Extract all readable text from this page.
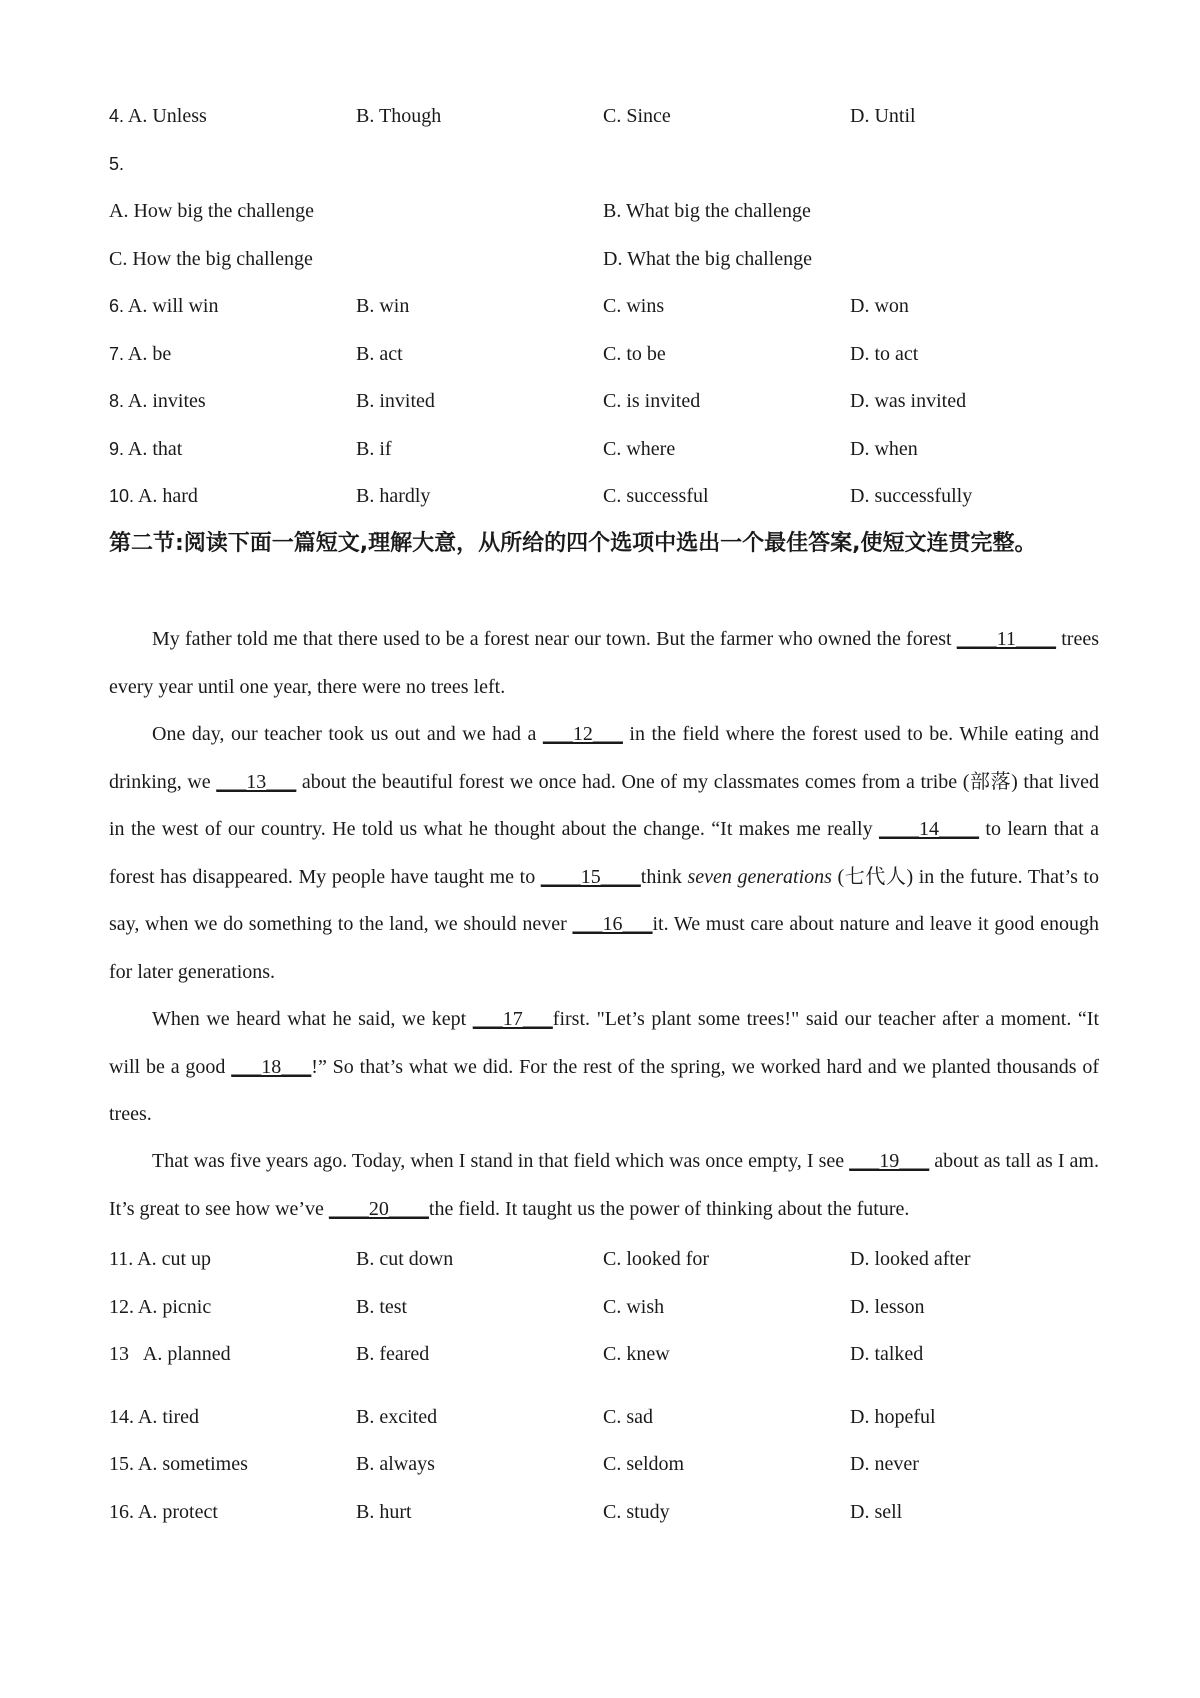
4. A. Unless	B. Though	C. Since	D. Until
5.
A. How big the challenge	B. What big the challenge
C. How the big challenge	D. What the big challenge
6. A. will win	B. win	C. wins	D. won
7. A. be	B. act	C. to be	D. to act
8. A. invites	B. invited	C. is invited	D. was invited
9. A. that	B. if	C. where	D. when
10. A. hard	B. hardly	C. successful	D. successfully
第二节:阅读下面一篇短文,理解大意，从所给的四个选项中选出一个最佳答案,使短文连贯完整。

My father told me that there used to be a forest near our town. But the farmer who owned the forest ____11____ trees every year until one year, there were no trees left.

One day, our teacher took us out and we had a ___12___ in the field where the forest used to be. While eating and drinking, we ___13___ about the beautiful forest we once had. One of my classmates comes from a tribe (部落) that lived in the west of our country. He told us what he thought about the change. “It makes me really ____14____ to learn that a forest has disappeared. My people have taught me to ____15____think seven generations (七代人) in the future. That’s to say, when we do something to the land, we should never ___16___it. We must care about nature and leave it good enough for later generations.

When we heard what he said, we kept ___17___first. "Let’s plant some trees!" said our teacher after a moment. “It will be a good ___18___!” So that’s what we did. For the rest of the spring, we worked hard and we planted thousands of trees.

That was five years ago. Today, when I stand in that field which was once empty, I see ___19___ about as tall as I am. It’s great to see how we’ve ____20____the field. It taught us the power of thinking about the future.

11. A. cut up	B. cut down	C. looked for	D. looked after
12. A. picnic	B. test	C. wish	D. lesson
13   A. planned	B. feared	C. knew	D. talked
14. A. tired	B. excited	C. sad	D. hopeful
15. A. sometimes	B. always	C. seldom	D. never
16. A. protect	B. hurt	C. study	D. sell
